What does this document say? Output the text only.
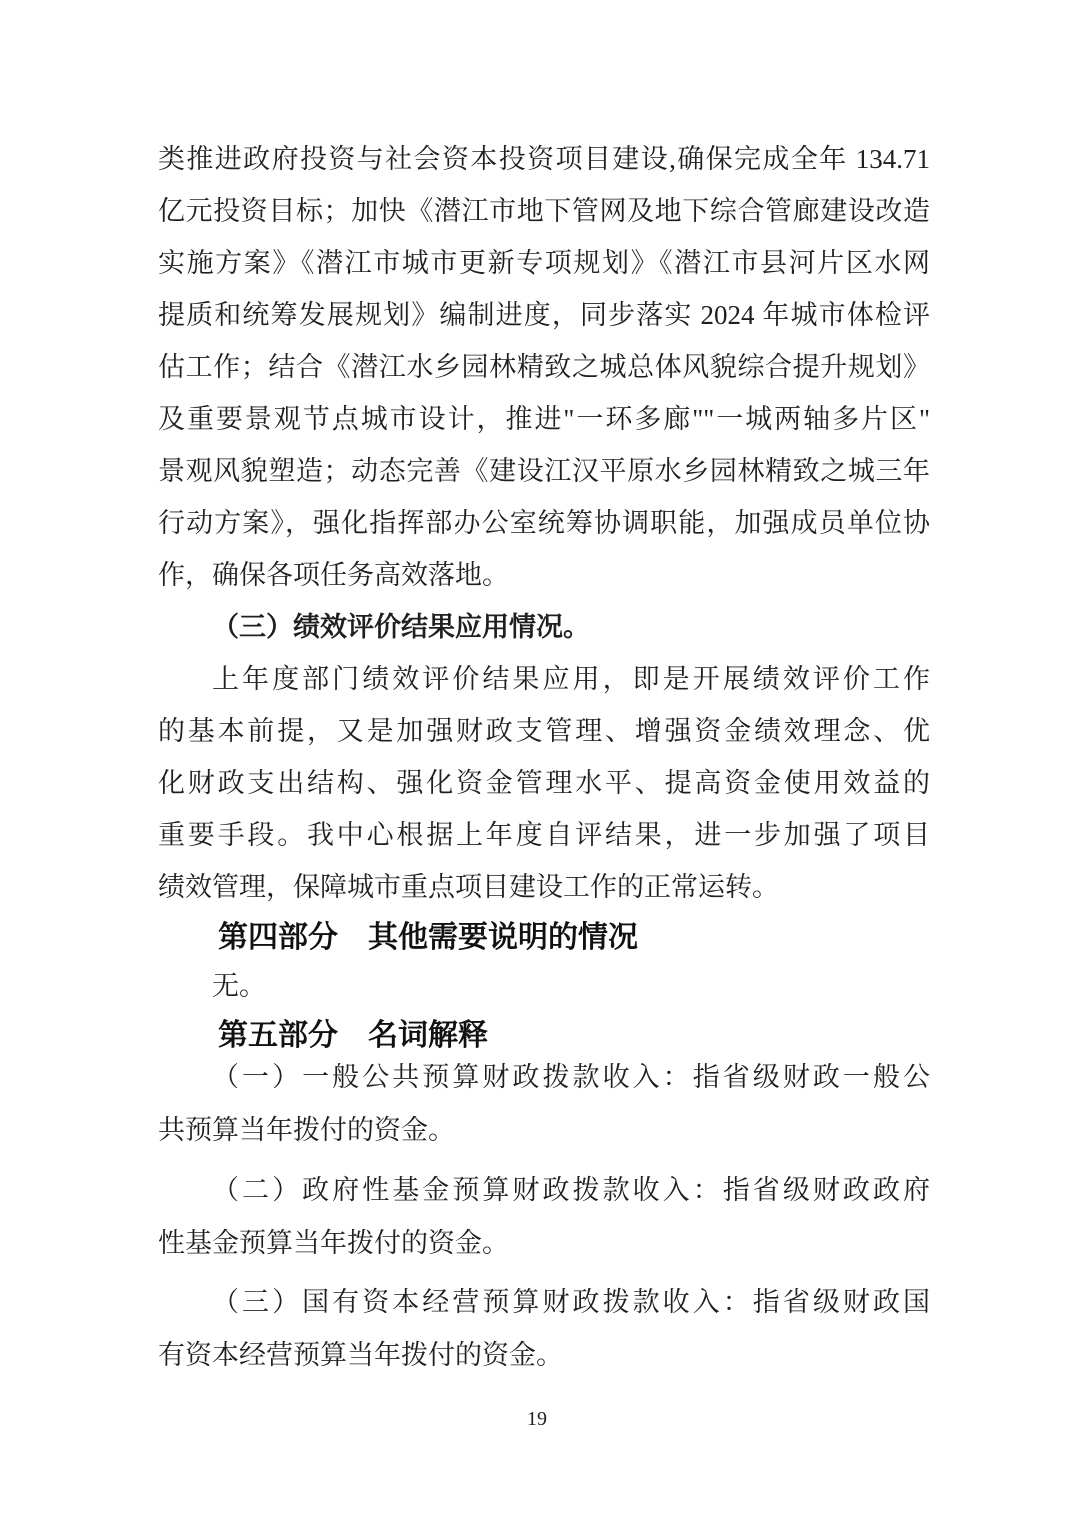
类推进政府投资与社会资本投资项目建设,确保完成全年 134.71
亿元投资目标；加快《潜江市地下管网及地下综合管廊建设改造
实施方案》《潜江市城市更新专项规划》《潜江市县河片区水网
提质和统筹发展规划》编制进度，同步落实 2024 年城市体检评
估工作；结合《潜江水乡园林精致之城总体风貌综合提升规划》
及重要景观节点城市设计，推进"一环多廊""一城两轴多片区"
景观风貌塑造；动态完善《建设江汉平原水乡园林精致之城三年
行动方案》，强化指挥部办公室统筹协调职能，加强成员单位协
作，确保各项任务高效落地。
（三）绩效评价结果应用情况。
上年度部门绩效评价结果应用，即是开展绩效评价工作
的基本前提，又是加强财政支管理、增强资金绩效理念、优
化财政支出结构、强化资金管理水平、提高资金使用效益的
重要手段。我中心根据上年度自评结果，进一步加强了项目
绩效管理，保障城市重点项目建设工作的正常运转。
第四部分　其他需要说明的情况
无。
第五部分　名词解释
（一）一般公共预算财政拨款收入：指省级财政一般公
共预算当年拨付的资金。
（二）政府性基金预算财政拨款收入：指省级财政政府
性基金预算当年拨付的资金。
（三）国有资本经营预算财政拨款收入：指省级财政国
有资本经营预算当年拨付的资金。
19
